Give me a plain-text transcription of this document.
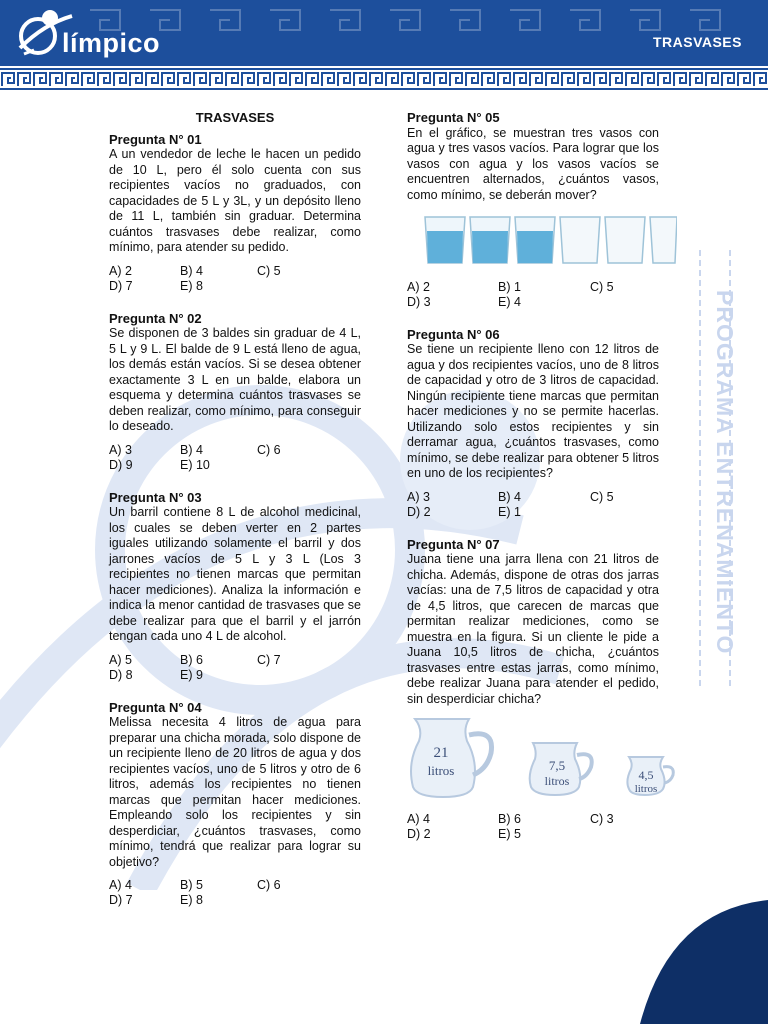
límpico	TRASVASES
PROGRAMA ENTRENAMIENTO
TRASVASES
Pregunta N° 01
A un vendedor de leche le hacen un pedido de 10 L, pero él solo cuenta con sus recipientes vacíos no graduados, con capacidades de 5 L y 3L, y un depósito lleno de 11 L, también sin graduar. Determina cuántos trasvases debe realizar, como mínimo, para atender su pedido.
A) 2	B) 4	C) 5
D) 7	E) 8
Pregunta N° 02
Se disponen de 3 baldes sin graduar de 4 L, 5 L y 9 L. El balde de 9 L está lleno de agua, los demás están vacíos. Si se desea obtener exactamente 3 L en un balde, elabora un esquema y determina cuántos trasvases se deben realizar, como mínimo, para conseguir lo deseado.
A) 3	B) 4	C) 6
D) 9	E) 10
Pregunta N° 03
Un barril contiene 8 L de alcohol medicinal, los cuales se deben verter en 2 partes iguales utilizando solamente el barril y dos jarrones vacíos de 5 L y 3 L (Los 3 recipientes no tienen marcas que permitan hacer mediciones). Analiza la información e indica la menor cantidad de trasvases que se debe realizar para que el barril y el jarrón tengan cada uno 4 L de alcohol.
A) 5	B) 6	C) 7
D) 8	E) 9
Pregunta N° 04
Melissa necesita 4 litros de agua para preparar una chicha morada, solo dispone de un recipiente lleno de 20 litros de agua y dos recipientes vacíos, uno de 5 litros y otro de 6 litros, además los recipientes no tienen marcas que permitan hacer mediciones. Empleando solo los recipientes y sin desperdiciar, ¿cuántos trasvases, como mínimo, tendrá que realizar para lograr su objetivo?
A) 4	B) 5	C) 6
D) 7	E) 8
Pregunta N° 05
En el gráfico, se muestran tres vasos con agua y tres vasos vacíos. Para lograr que los vasos con agua y los vasos vacíos se encuentren alternados, ¿cuántos vasos, como mínimo, se deberán mover?
A) 2	B) 1	C) 5
D) 3	E) 4
Pregunta N° 06
Se tiene un recipiente lleno con 12 litros de agua y dos recipientes vacíos, uno de 8 litros de capacidad y otro de 3 litros de capacidad. Ningún recipiente tiene marcas que permitan hacer mediciones y no se permite hacerlas. Utilizando solo estos recipientes y sin derramar agua, ¿cuántos trasvases, como mínimo, se debe realizar para obtener 5 litros en uno de los recipientes?
A) 3	B) 4	C) 5
D) 2	E) 1
Pregunta N° 07
Juana tiene una jarra llena con 21 litros de chicha. Además, dispone de otras dos jarras vacías: una de 7,5 litros de capacidad y otra de 4,5 litros, que carecen de marcas que permitan realizar mediciones, como se muestra en la figura. Si un cliente le pide a Juana 10,5 litros de chicha, ¿cuántos trasvases entre estas jarras, como mínimo, debe realizar Juana para atender el pedido, sin desperdiciar chicha?
21
litros	7,5
litros	4,5
litros
A) 4	B) 6	C) 3
D) 2	E) 5
